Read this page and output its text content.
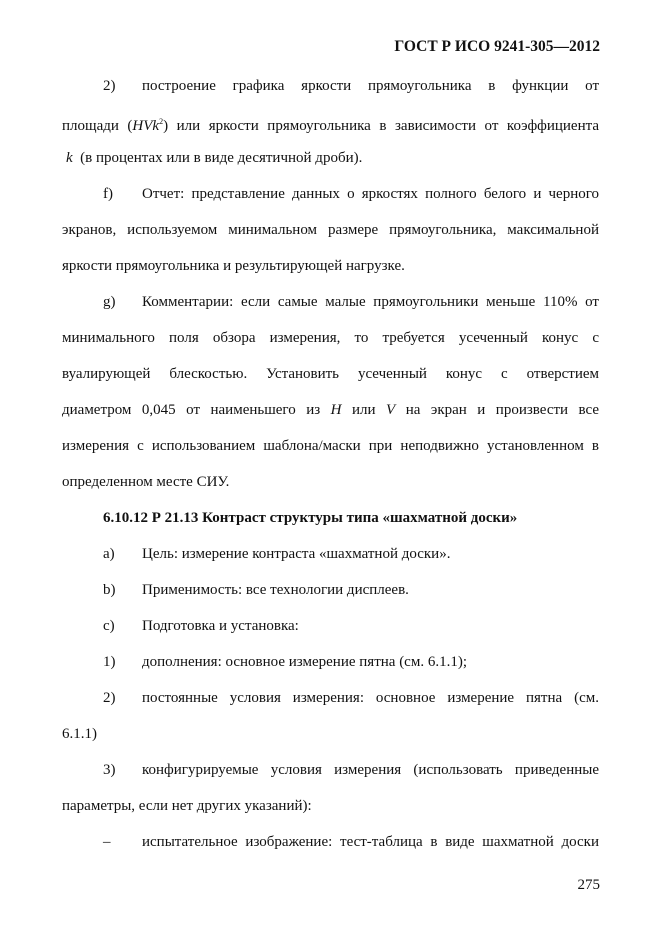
ГОСТ Р ИСО 9241-305—2012
2) построение графика яркости прямоугольника в функции от
площади (HVk$^2$) или яркости прямоугольника в зависимости от коэффициента
k (в процентах или в виде десятичной дроби).
f) Отчет: представление данных о яркостях полного белого и черного
экранов, используемом минимальном размере прямоугольника, максимальной
яркости прямоугольника и результирующей нагрузке.
g) Комментарии: если самые малые прямоугольники меньше 110% от
минимального поля обзора измерения, то требуется усеченный конус с
вуалирующей блескостью. Установить усеченный конус с отверстием
диаметром 0,045 от наименьшего из H или V на экран и произвести все
измерения с использованием шаблона/маски при неподвижно установленном в
определенном месте СИУ.
6.10.12 Р 21.13 Контраст структуры типа «шахматной доски»
a) Цель: измерение контраста «шахматной доски».
b) Применимость: все технологии дисплеев.
c) Подготовка и установка:
1) дополнения: основное измерение пятна (см. 6.1.1);
2) постоянные условия измерения: основное измерение пятна (см.
6.1.1)
3) конфигурируемые условия измерения (использовать приведенные
параметры, если нет других указаний):
– испытательное изображение: тест-таблица в виде шахматной доски
275
